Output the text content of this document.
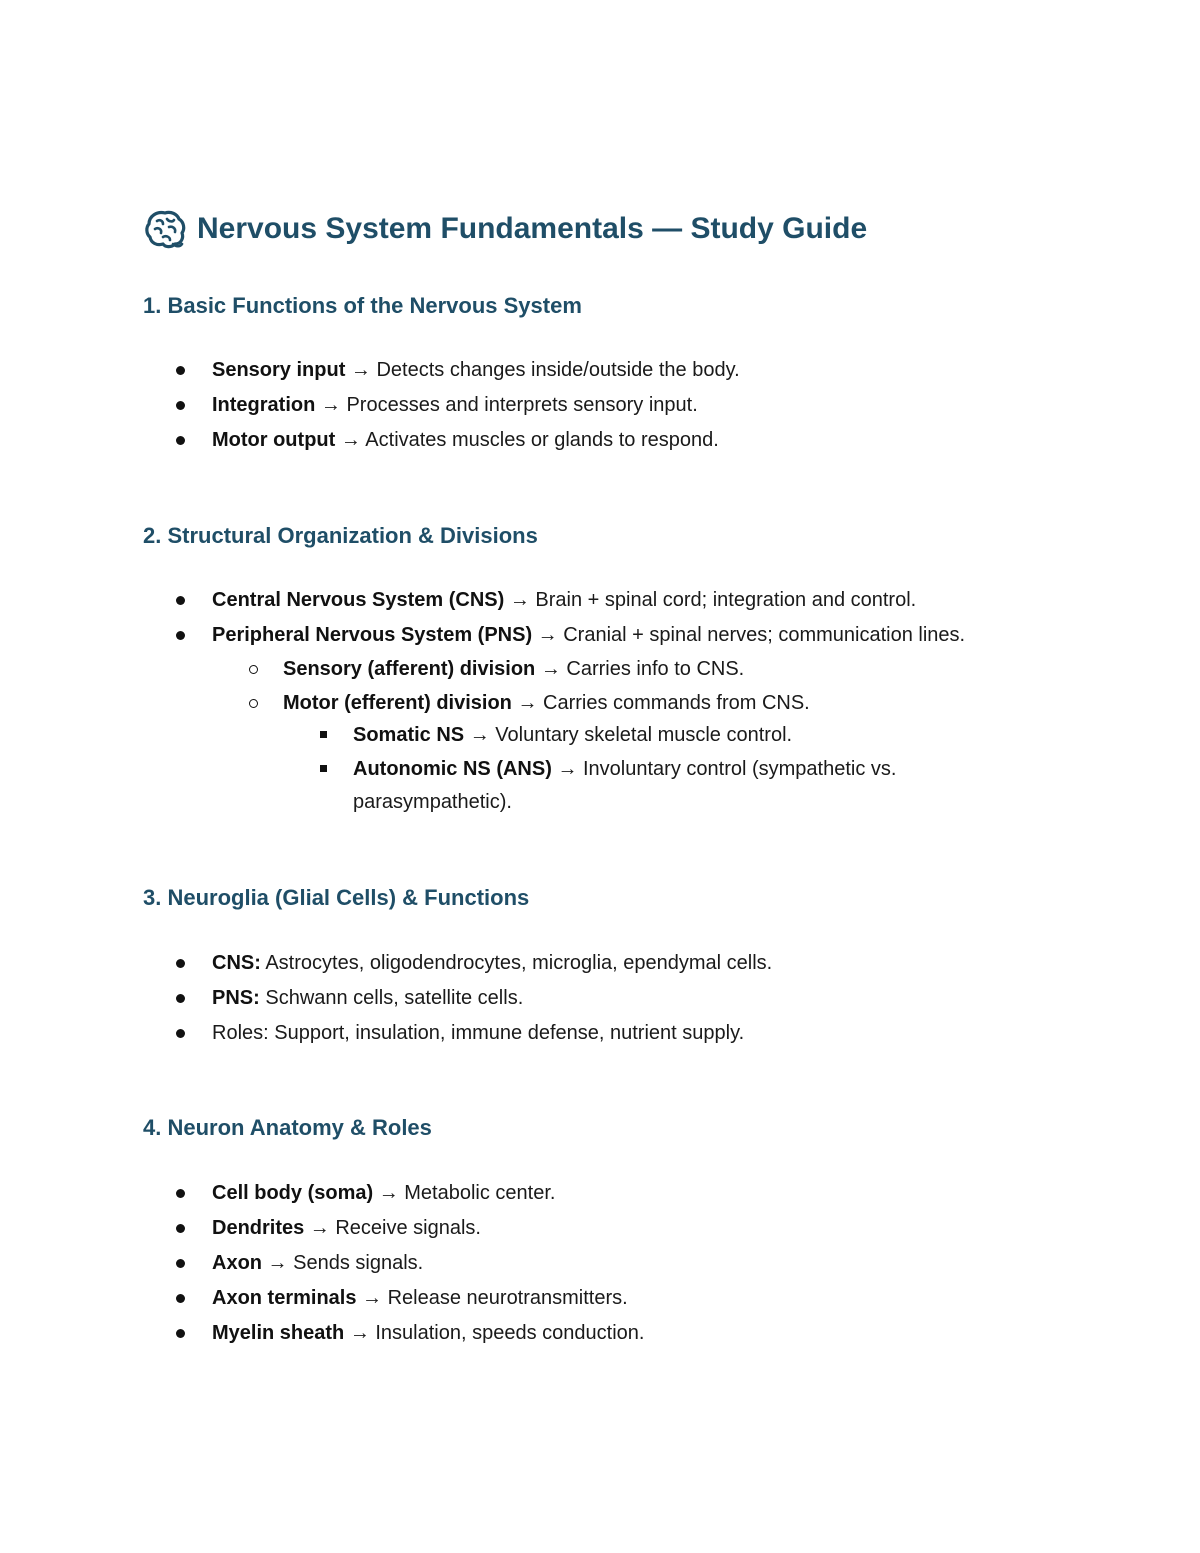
Nervous System Fundamentals — Study Guide
1. Basic Functions of the Nervous System
Sensory input → Detects changes inside/outside the body.
Integration → Processes and interprets sensory input.
Motor output → Activates muscles or glands to respond.
2. Structural Organization & Divisions
Central Nervous System (CNS) → Brain + spinal cord; integration and control.
Peripheral Nervous System (PNS) → Cranial + spinal nerves; communication lines.
Sensory (afferent) division → Carries info to CNS.
Motor (efferent) division → Carries commands from CNS.
Somatic NS → Voluntary skeletal muscle control.
Autonomic NS (ANS) → Involuntary control (sympathetic vs.
parasympathetic).
3. Neuroglia (Glial Cells) & Functions
CNS: Astrocytes, oligodendrocytes, microglia, ependymal cells.
PNS: Schwann cells, satellite cells.
Roles: Support, insulation, immune defense, nutrient supply.
4. Neuron Anatomy & Roles
Cell body (soma) → Metabolic center.
Dendrites → Receive signals.
Axon → Sends signals.
Axon terminals → Release neurotransmitters.
Myelin sheath → Insulation, speeds conduction.
